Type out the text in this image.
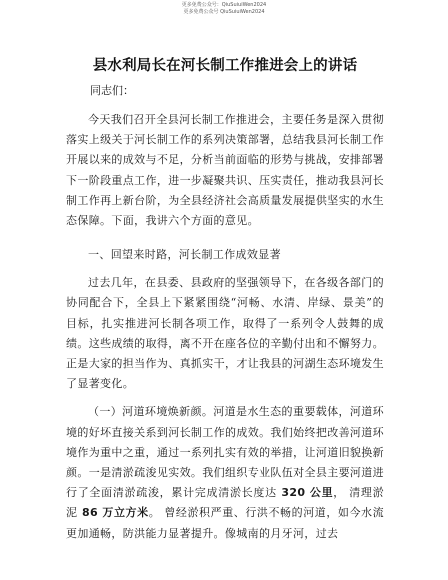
更多免费公众号：QiuSuiuiWen2024
更多免费公众号 QiuSuiuiWen2024
县水利局长在河长制工作推进会上的讲话
同志们：

今天我们召开全县河长制工作推进会，主要任务是深入贯彻落实上级关于河长制工作的系列决策部署，总结我县河长制工作开展以来的成效与不足，分析当前面临的形势与挑战，安排部署下一阶段重点工作，进一步凝聚共识、压实责任，推动我县河长制工作再上新台阶，为全县经济社会高质量发展提供坚实的水生态保障。下面，我讲六个方面的意见。

一、回望来时路，河长制工作成效显著

过去几年，在县委、县政府的坚强领导下，在各级各部门的协同配合下，全县上下紧紧围绕“河畅、水清、岸绿、景美”的目标，扎实推进河长制各项工作，取得了一系列令人鼓舞的成绩。这些成绩的取得，离不开在座各位的辛勤付出和不懈努力。正是大家的担当作为、真抓实干，才让我县的河湖生态环境发生了显著变化。

（一）河道环境焕新颜。河道是水生态的重要载体，河道环境的好坏直接关系到河长制工作的成效。我们始终把改善河道环境作为重中之重，通过一系列扎实有效的举措，让河道旧貌换新颜。一是清淤疏浚见实效。我们组织专业队伍对全县主要河道进行了全面清淤疏浚，累计完成清淤长度达 320 公里， 清理淤泥 86 万立方米。 曾经淤积严重、行洪不畅的河道，如今水流更加通畅，防洪能力显著提升。像城南的月牙河，过去
